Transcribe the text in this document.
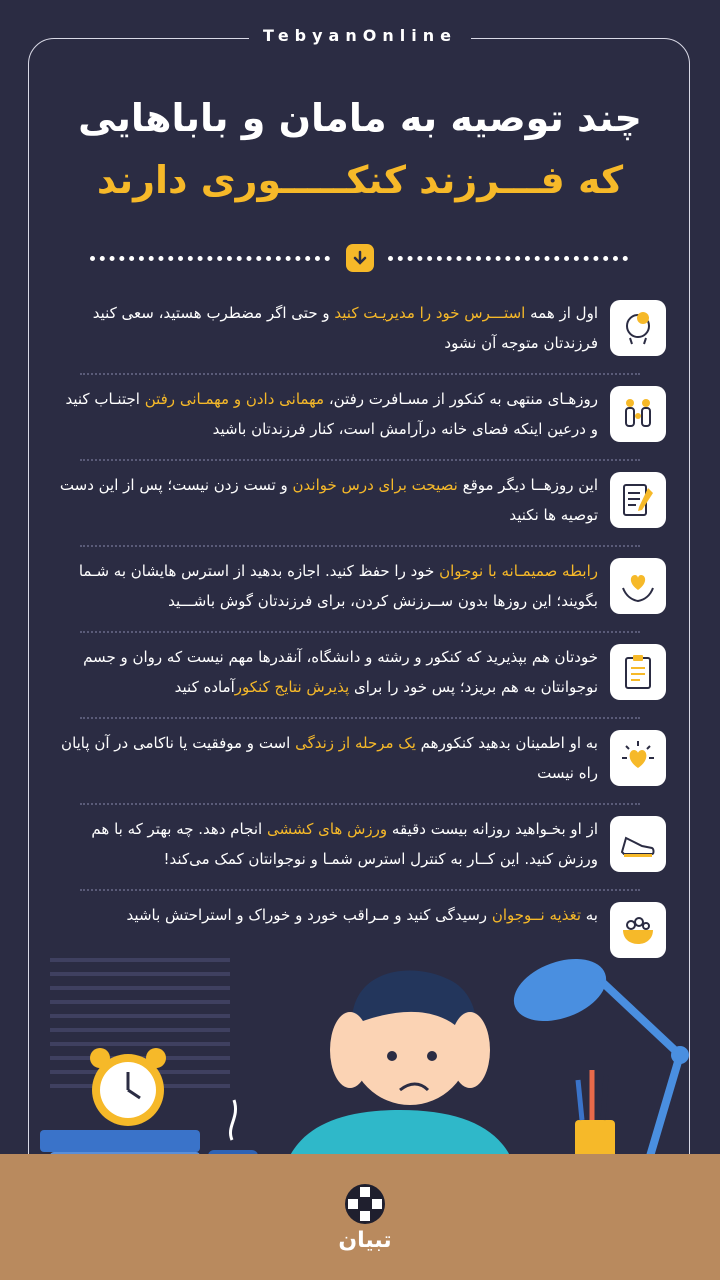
TebyanOnline
چند توصیه به مامان و باباهایی
که فـــرزند کنکـــــوری دارند
اول از همه استـــرس خود را مدیریـت کنید و حتی اگر مضطرب هستید، سعی کنید فرزندتان متوجه آن نشود
روزهـای منتهی به کنکور از مسـافرت رفتن، مهمانی دادن و مهمـانی رفتن اجتنـاب کنید و درعین اینکه فضای خانه درآرامش است، کنار فرزندتان باشید
این روزهــا دیگر موقع نصیحت برای درس خواندن و تست زدن نیست؛ پس از این دست توصیه ها نکنید
رابطه صمیمـانه با نوجوان خود را حفظ کنید. اجازه بدهید از استرس هایشان به شـما بگویند؛ این روزها بدون ســرزنش کردن، برای فرزندتان گوش باشـــید
خودتان هم بپذیرید که کنکور و رشته و دانشگاه، آنقدرها مهم نیست که روان و جسم نوجوانتان به هم بریزد؛ پس خود را برای پذیرش نتایج کنکورآماده کنید
به او اطمینان بدهید کنکورهم یک مرحله از زندگی است و موفقیت یا ناکامی در آن پایان راه نیست
از او بخـواهید روزانه بیست دقیقه ورزش های کششی انجام دهد. چه بهتر که با هم ورزش کنید. این کــار به کنترل استرس شمـا و نوجوانتان کمک می‌کند!
به تغذیه نــوجوان رسیدگی کنید و مـراقب خورد و خوراک و استراحتش باشید
تبیان
